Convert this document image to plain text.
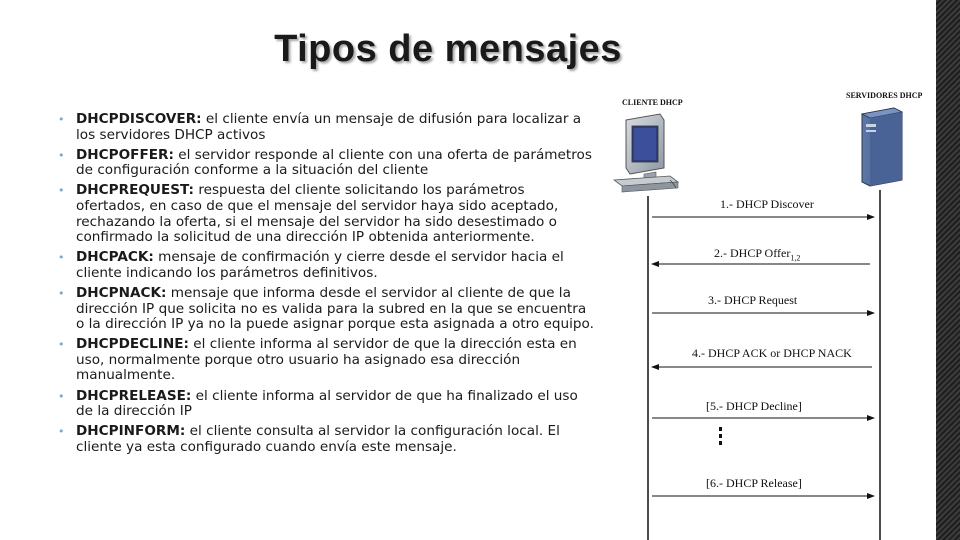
Tipos de mensajes
• DHCPDISCOVER: el cliente envía un mensaje de difusión para localizar a los servidores DHCP activos
• DHCPOFFER: el servidor responde al cliente con una oferta de parámetros de configuración conforme a la situación del cliente
• DHCPREQUEST: respuesta del cliente solicitando los parámetros ofertados, en caso de que el mensaje del servidor haya sido aceptado, rechazando la oferta, si el mensaje del servidor ha sido desestimado o confirmado la solicitud de una dirección IP obtenida anteriormente.
• DHCPACK: mensaje de confirmación y cierre desde el servidor hacia el cliente indicando los parámetros definitivos.
• DHCPNACK: mensaje que informa desde el servidor al cliente de que la dirección IP que solicita no es valida para la subred en la que se encuentra o la dirección IP ya no la puede asignar porque esta asignada a otro equipo.
• DHCPDECLINE: el cliente informa al servidor de que la dirección esta en uso, normalmente porque otro usuario ha asignado esa dirección manualmente.
• DHCPRELEASE: el cliente informa al servidor de que ha finalizado el uso de la dirección IP
• DHCPINFORM: el cliente consulta al servidor la configuración local. El cliente ya esta configurado cuando envía este mensaje.
CLIENTE DHCP
SERVIDORES DHCP
1.- DHCP Discover
2.- DHCP Offer$_{1,2}$
3.- DHCP Request
4.- DHCP ACK or DHCP NACK
[5.- DHCP Decline]
[6.- DHCP Release]
